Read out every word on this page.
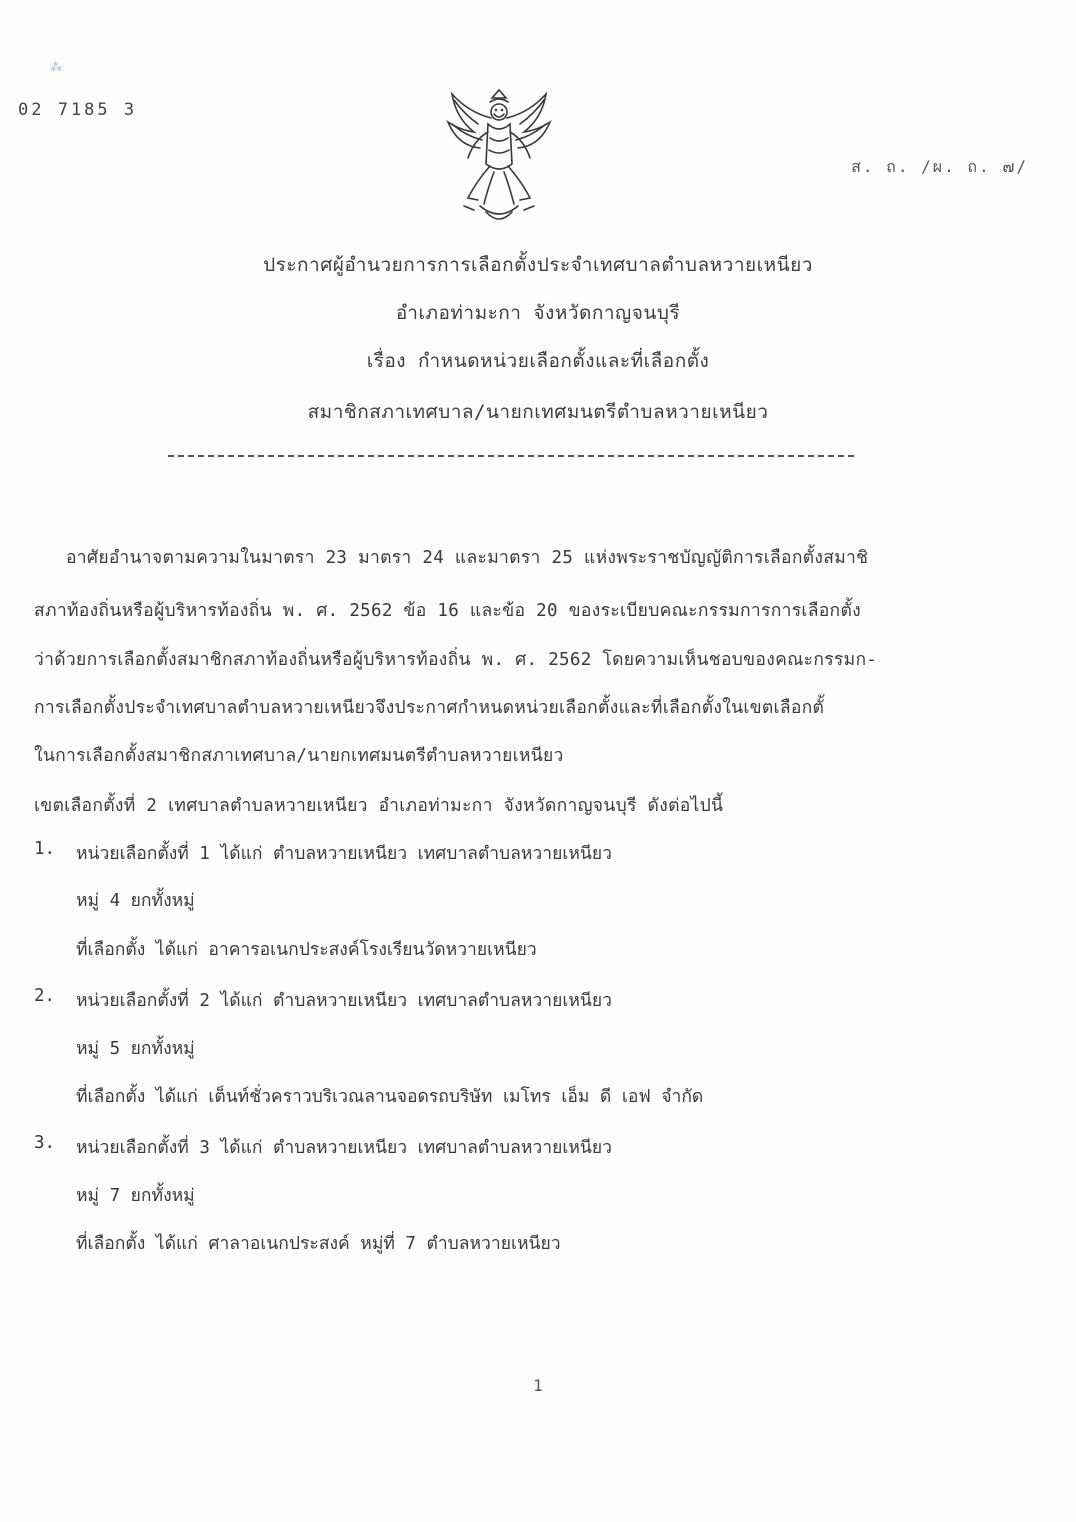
⁂
02 7185 3
ส. ถ. /ผ. ถ. ๗/
ประกาศผู้อำนวยการการเลือกตั้งประจำเทศบาลตำบลหวายเหนียว
อำเภอท่ามะกา จังหวัดกาญจนบุรี
เรื่อง กำหนดหน่วยเลือกตั้งและที่เลือกตั้ง
สมาชิกสภาเทศบาล/นายกเทศมนตรีตำบลหวายเหนียว
อาศัยอำนาจตามความในมาตรา 23 มาตรา 24 และมาตรา 25 แห่งพระราชบัญญัติการเลือกตั้งสมาชิ
สภาท้องถิ่นหรือผู้บริหารท้องถิ่น พ. ศ. 2562 ข้อ 16 และข้อ 20 ของระเบียบคณะกรรมการการเลือกตั้ง
ว่าด้วยการเลือกตั้งสมาชิกสภาท้องถิ่นหรือผู้บริหารท้องถิ่น พ. ศ. 2562 โดยความเห็นชอบของคณะกรรมก-
การเลือกตั้งประจำเทศบาลตำบลหวายเหนียวจึงประกาศกำหนดหน่วยเลือกตั้งและที่เลือกตั้งในเขตเลือกตั้
ในการเลือกตั้งสมาชิกสภาเทศบาล/นายกเทศมนตรีตำบลหวายเหนียว
เขตเลือกตั้งที่ 2 เทศบาลตำบลหวายเหนียว อำเภอท่ามะกา จังหวัดกาญจนบุรี ดังต่อไปนี้
1. หน่วยเลือกตั้งที่ 1 ได้แก่ ตำบลหวายเหนียว เทศบาลตำบลหวายเหนียว
หมู่ 4 ยกทั้งหมู่
ที่เลือกตั้ง ได้แก่ อาคารอเนกประสงค์โรงเรียนวัดหวายเหนียว
2. หน่วยเลือกตั้งที่ 2 ได้แก่ ตำบลหวายเหนียว เทศบาลตำบลหวายเหนียว
หมู่ 5 ยกทั้งหมู่
ที่เลือกตั้ง ได้แก่ เต็นท์ชั่วคราวบริเวณลานจอดรถบริษัท เมโทร เอ็ม ดี เอฟ จำกัด
3. หน่วยเลือกตั้งที่ 3 ได้แก่ ตำบลหวายเหนียว เทศบาลตำบลหวายเหนียว
หมู่ 7 ยกทั้งหมู่
ที่เลือกตั้ง ได้แก่ ศาลาอเนกประสงค์ หมู่ที่ 7 ตำบลหวายเหนียว
1
